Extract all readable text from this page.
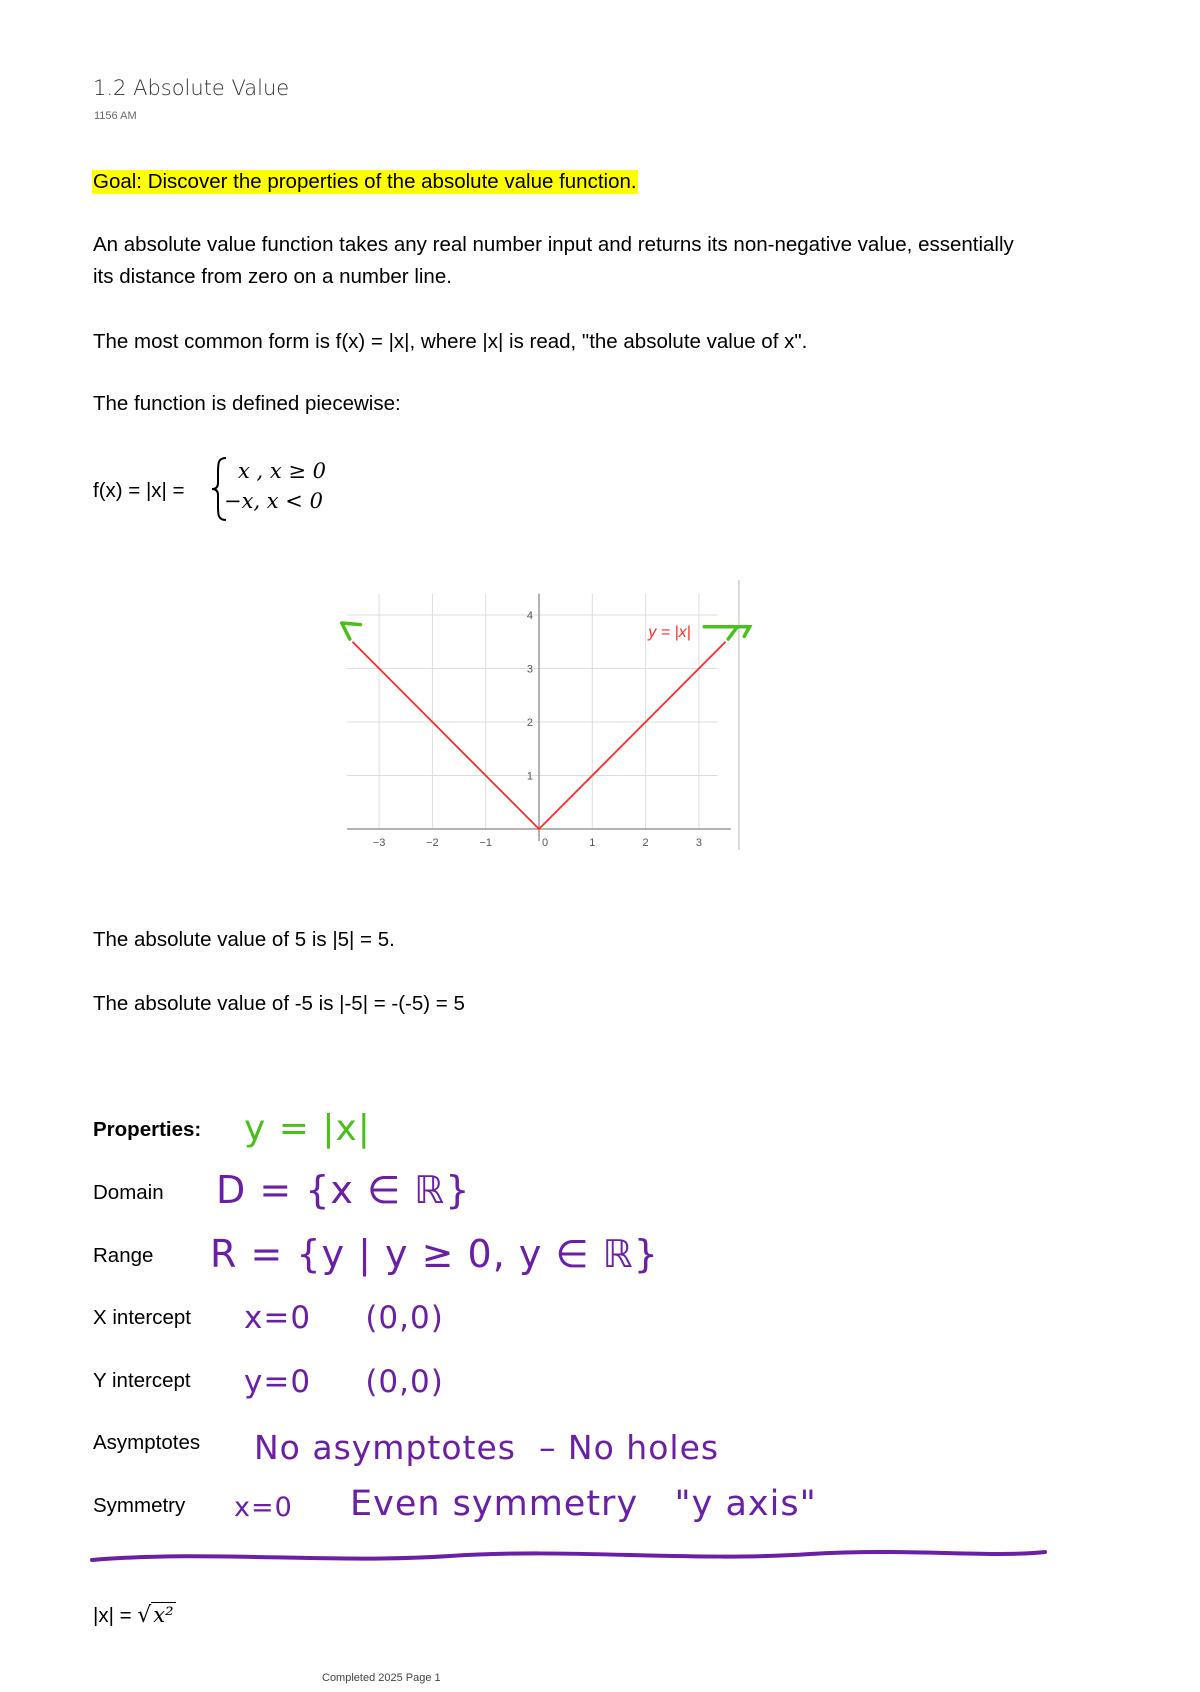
1.2 Absolute Value
1156 AM
Goal: Discover the properties of the absolute value function.
An absolute value function takes any real number input and returns its non-negative value, essentially
its distance from zero on a number line.
The most common form is f(x) = |x|, where |x| is read, "the absolute value of x".
The function is defined piecewise:
f(x) = |x| =
x , x ≥ 0
−x, x < 0
−3	−2	−1	0	1	2	3
1
2
3
4
y = |x|
The absolute value of 5 is |5| = 5.
The absolute value of -5 is |-5| = -(-5) = 5
Properties: y = |x|
Domain D = {x ∈ ℝ}
Range R = {y | y ≥ 0, y ∈ ℝ}
X intercept x=0     (0,0)
Y intercept y=0     (0,0)
Asymptotes No asymptotes  – No holes
Symmetry x=0 Even symmetry   "y axis"
|x| = √x²
Completed 2025 Page 1
